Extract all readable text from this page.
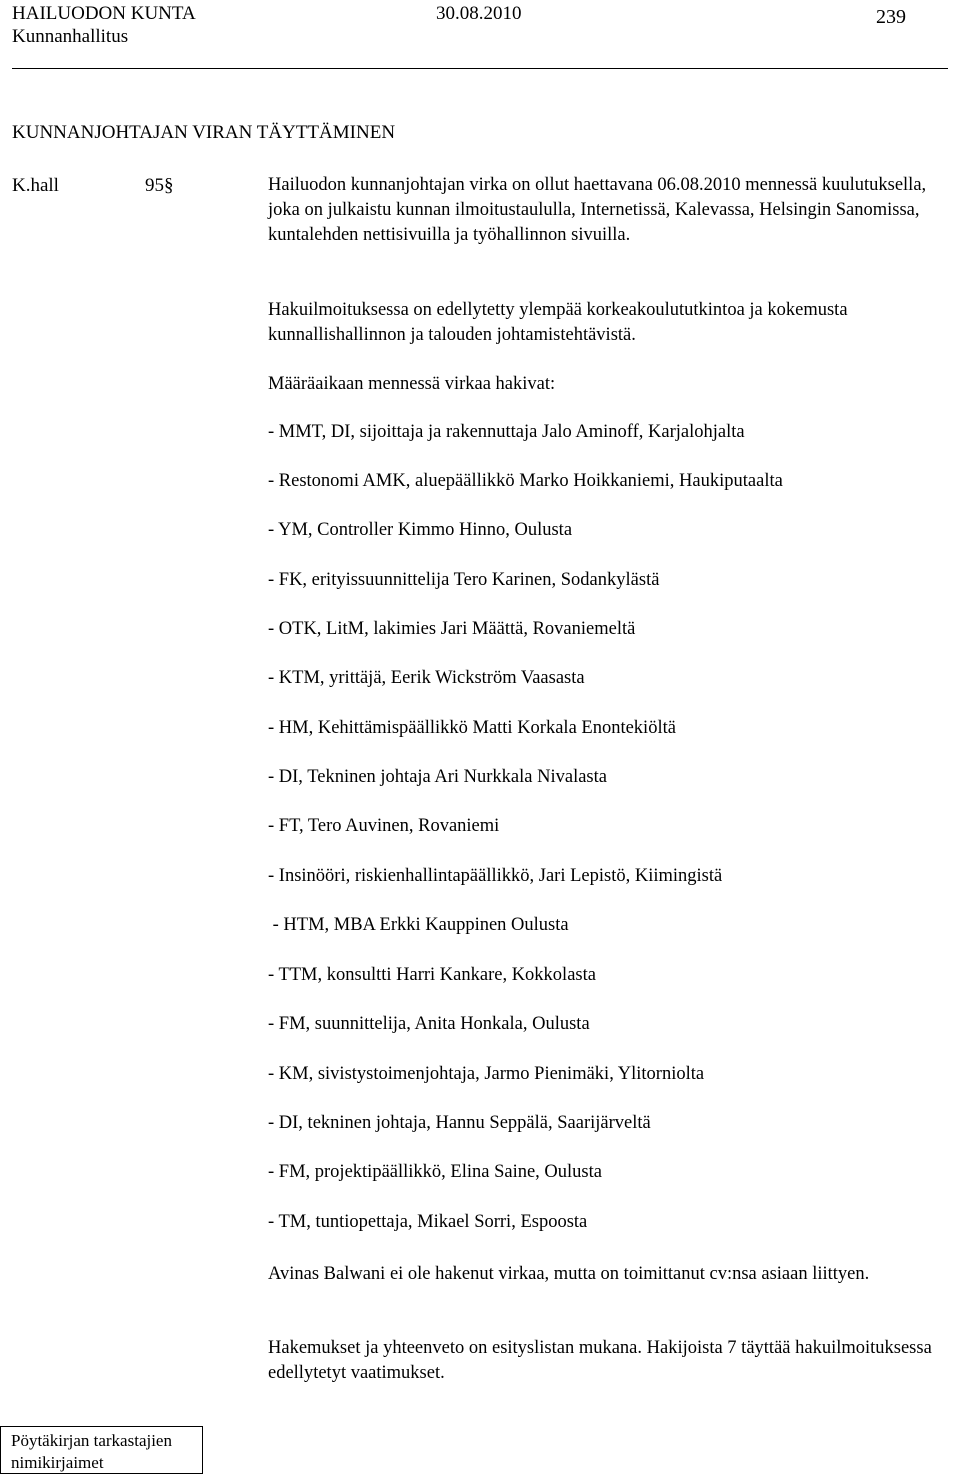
HAILUODON KUNTA	30.08.2010	239
Kunnanhallitus
KUNNANJOHTAJAN VIRAN TÄYTTÄMINEN
K.hall	95§	Hailuodon kunnanjohtajan virka on ollut haettavana 06.08.2010 mennessä kuulutuksella, joka on julkaistu kunnan ilmoitustaululla, Internetissä, Kalevassa, Helsingin Sanomissa, kuntalehden nettisivuilla ja työhallinnon sivuilla.
Hakuilmoituksessa on edellytetty ylempää korkeakoulututkintoa ja kokemusta kunnallishallinnon ja talouden johtamistehtävistä.
Määräaikaan mennessä virkaa hakivat:
- MMT, DI, sijoittaja ja rakennuttaja Jalo Aminoff, Karjalohjalta
- Restonomi AMK, aluepäällikkö Marko Hoikkaniemi, Haukiputaalta
- YM, Controller Kimmo Hinno, Oulusta
- FK, erityissuunnittelija Tero Karinen, Sodankylästä
- OTK, LitM, lakimies Jari Määttä, Rovaniemeltä
- KTM, yrittäjä, Eerik Wickström Vaasasta
- HM, Kehittämispäällikkö Matti Korkala Enontekiöltä
- DI, Tekninen johtaja Ari Nurkkala Nivalasta
- FT, Tero Auvinen, Rovaniemi
- Insinööri, riskienhallintapäällikkö, Jari Lepistö, Kiimingistä
- HTM, MBA Erkki Kauppinen Oulusta
- TTM, konsultti Harri Kankare, Kokkolasta
- FM, suunnittelija, Anita Honkala, Oulusta
- KM, sivistystoimenjohtaja, Jarmo Pienimäki, Ylitorniolta
- DI, tekninen johtaja, Hannu Seppälä, Saarijärveltä
- FM, projektipäällikkö, Elina Saine, Oulusta
- TM, tuntiopettaja, Mikael Sorri, Espoosta
Avinas Balwani ei ole hakenut virkaa, mutta on toimittanut cv:nsa asiaan liittyen.
Hakemukset ja yhteenveto on esityslistan mukana. Hakijoista 7 täyttää hakuilmoituksessa edellytetyt vaatimukset.
Pöytäkirjan tarkastajien
nimikirjaimet
